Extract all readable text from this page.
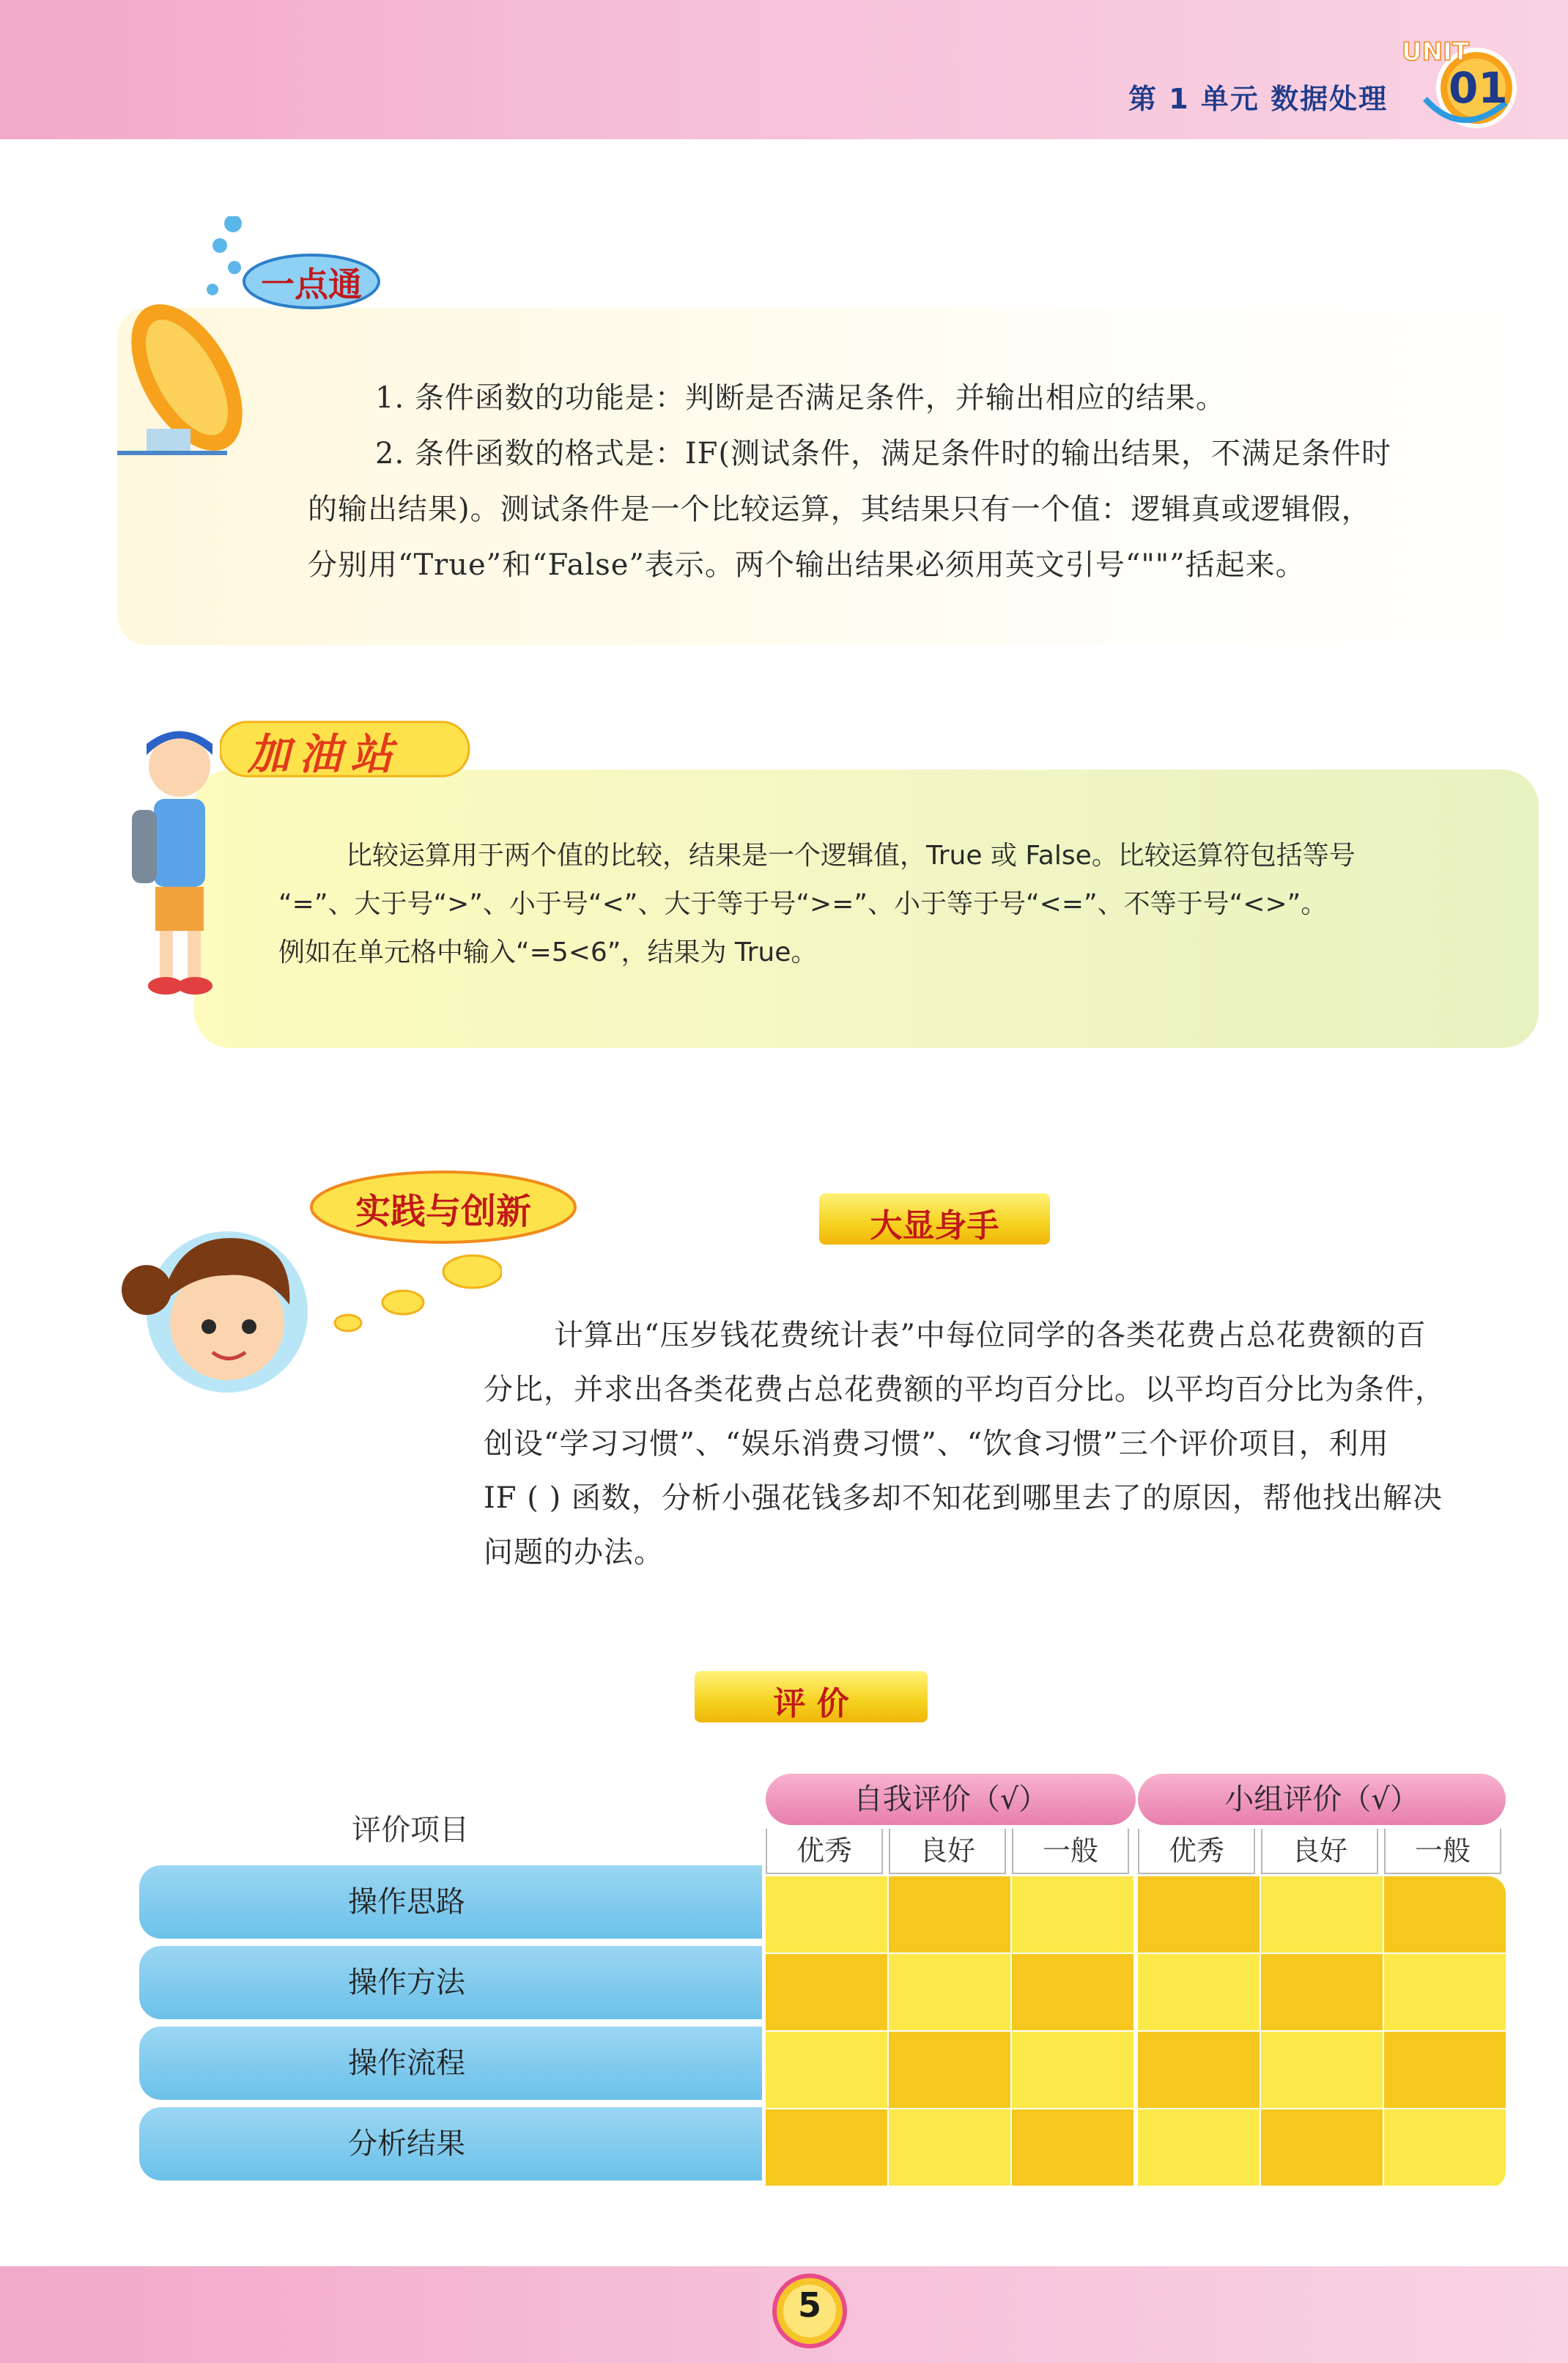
第 1 单元 数据处理
UNIT
01
一点通

1. 条件函数的功能是：判断是否满足条件，并输出相应的结果。

2. 条件函数的格式是：IF(测试条件，满足条件时的输出结果，不满足条件时

的输出结果)。测试条件是一个比较运算，其结果只有一个值：逻辑真或逻辑假，

分别用“True”和“False”表示。两个输出结果必须用英文引号“""”括起来。

加油站

比较运算用于两个值的比较，结果是一个逻辑值，True 或 False。比较运算符包括等号

“=”、大于号“>”、小于号“<”、大于等于号“>=”、小于等于号“<=”、不等于号“<>”。

例如在单元格中输入“=5<6”，结果为 True。

实践与创新	大显身手

计算出“压岁钱花费统计表”中每位同学的各类花费占总花费额的百

分比，并求出各类花费占总花费额的平均百分比。以平均百分比为条件，

创设“学习习惯”、“娱乐消费习惯”、“饮食习惯”三个评价项目，利用

IF ( ) 函数，分析小强花钱多却不知花到哪里去了的原因，帮他找出解决

问题的办法。

评 价
评价项目
自我评价（√）	小组评价（√）
优秀	良好	一般	优秀	良好	一般
操作思路
操作方法
操作流程
分析结果
5
